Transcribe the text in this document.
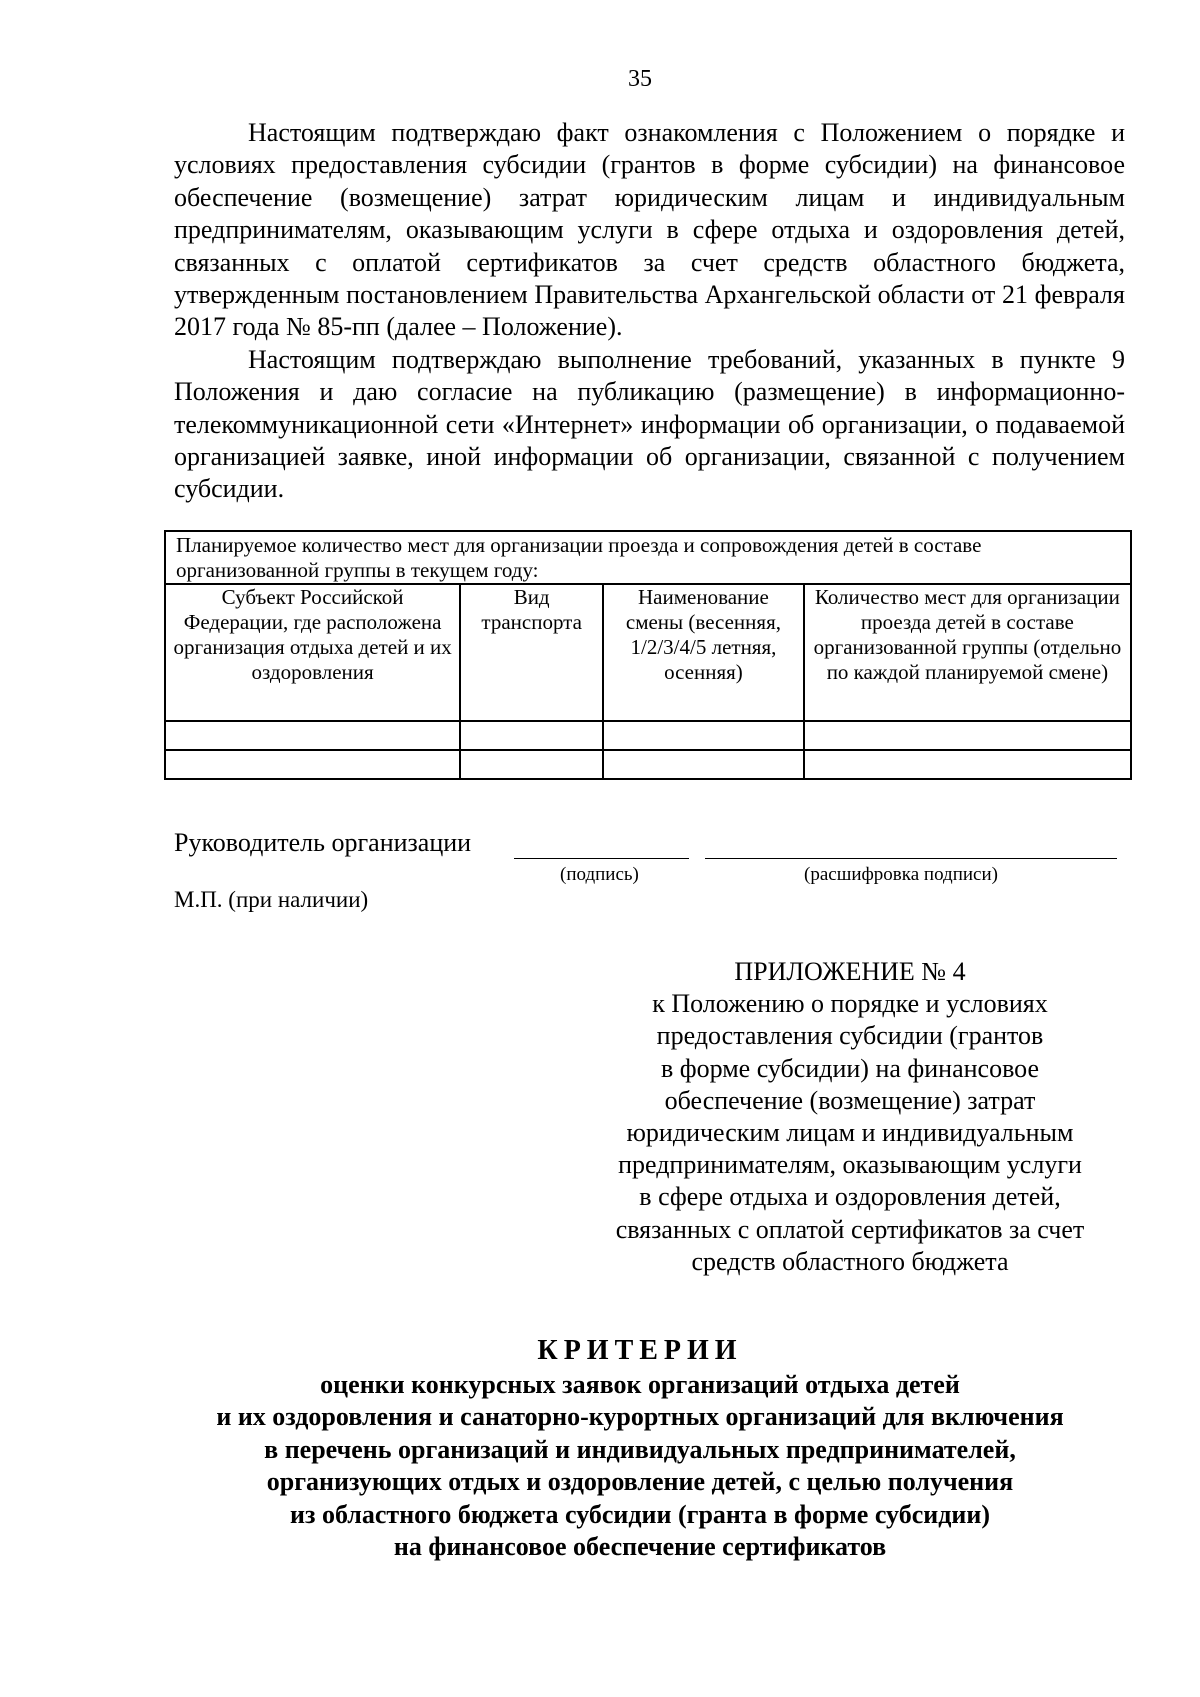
35

Настоящим подтверждаю факт ознакомления с Положением о порядке и условиях предоставления субсидии (грантов в форме субсидии) на финансовое обеспечение (возмещение) затрат юридическим лицам и индивидуальным предпринимателям, оказывающим услуги в сфере отдыха и оздоровления детей, связанных с оплатой сертификатов за счет средств областного бюджета, утвержденным постановлением Правительства Архангельской области от 21 февраля 2017 года № 85-пп (далее – Положение).

Настоящим подтверждаю выполнение требований, указанных в пункте 9 Положения и даю согласие на публикацию (размещение) в информационно-телекоммуникационной сети «Интернет» информации об организации, о подаваемой организацией заявке, иной информации об организации, связанной с получением субсидии.

Планируемое количество мест для организации проезда и сопровождения детей в составе организованной группы в текущем году:			
Субъект Российской Федерации, где расположена организация отдыха детей и их оздоровления	Вид транспорта	Наименование смены (весенняя, 1/2/3/4/5 летняя, осенняя)	Количество мест для организации проезда детей в составе организованной группы (отдельно по каждой планируемой смене)

Руководитель организации
(подпись)	(расшифровка подписи)
М.П. (при наличии)
ПРИЛОЖЕНИЕ № 4
к Положению о порядке и условиях
предоставления субсидии (грантов
в форме субсидии) на финансовое
обеспечение (возмещение) затрат
юридическим лицам и индивидуальным
предпринимателям, оказывающим услуги
в сфере отдыха и оздоровления детей,
связанных с оплатой сертификатов за счет
средств областного бюджета
КРИТЕРИИ
оценки конкурсных заявок организаций отдыха детей
и их оздоровления и санаторно-курортных организаций для включения
в перечень организаций и индивидуальных предпринимателей,
организующих отдых и оздоровление детей, с целью получения
из областного бюджета субсидии (гранта в форме субсидии)
на финансовое обеспечение сертификатов
